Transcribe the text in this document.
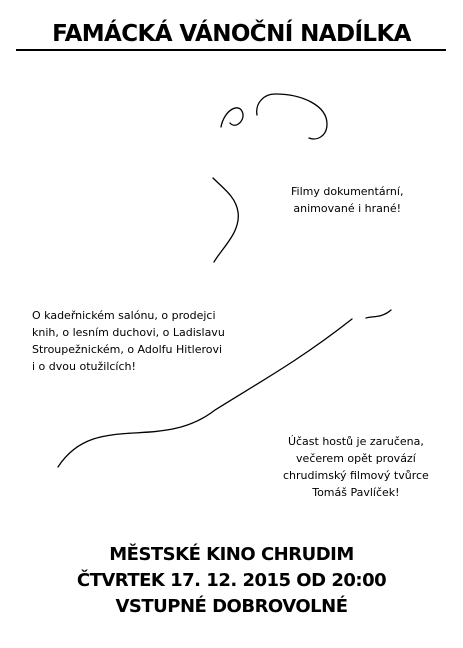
FAMÁCKÁ VÁNOČNÍ NADÍLKA
Filmy dokumentární,
animované i hrané!
O kadeřnickém salónu, o prodejci
knih, o lesním duchovi, o Ladislavu
Stroupežnickém, o Adolfu Hitlerovi
i o dvou otužilcích!
Účast hostů je zaručena,
večerem opět provází
chrudimský filmový tvůrce
Tomáš Pavlíček!
MĚSTSKÉ KINO CHRUDIM
ČTVRTEK 17. 12. 2015 OD 20:00
VSTUPNÉ DOBROVOLNÉ
